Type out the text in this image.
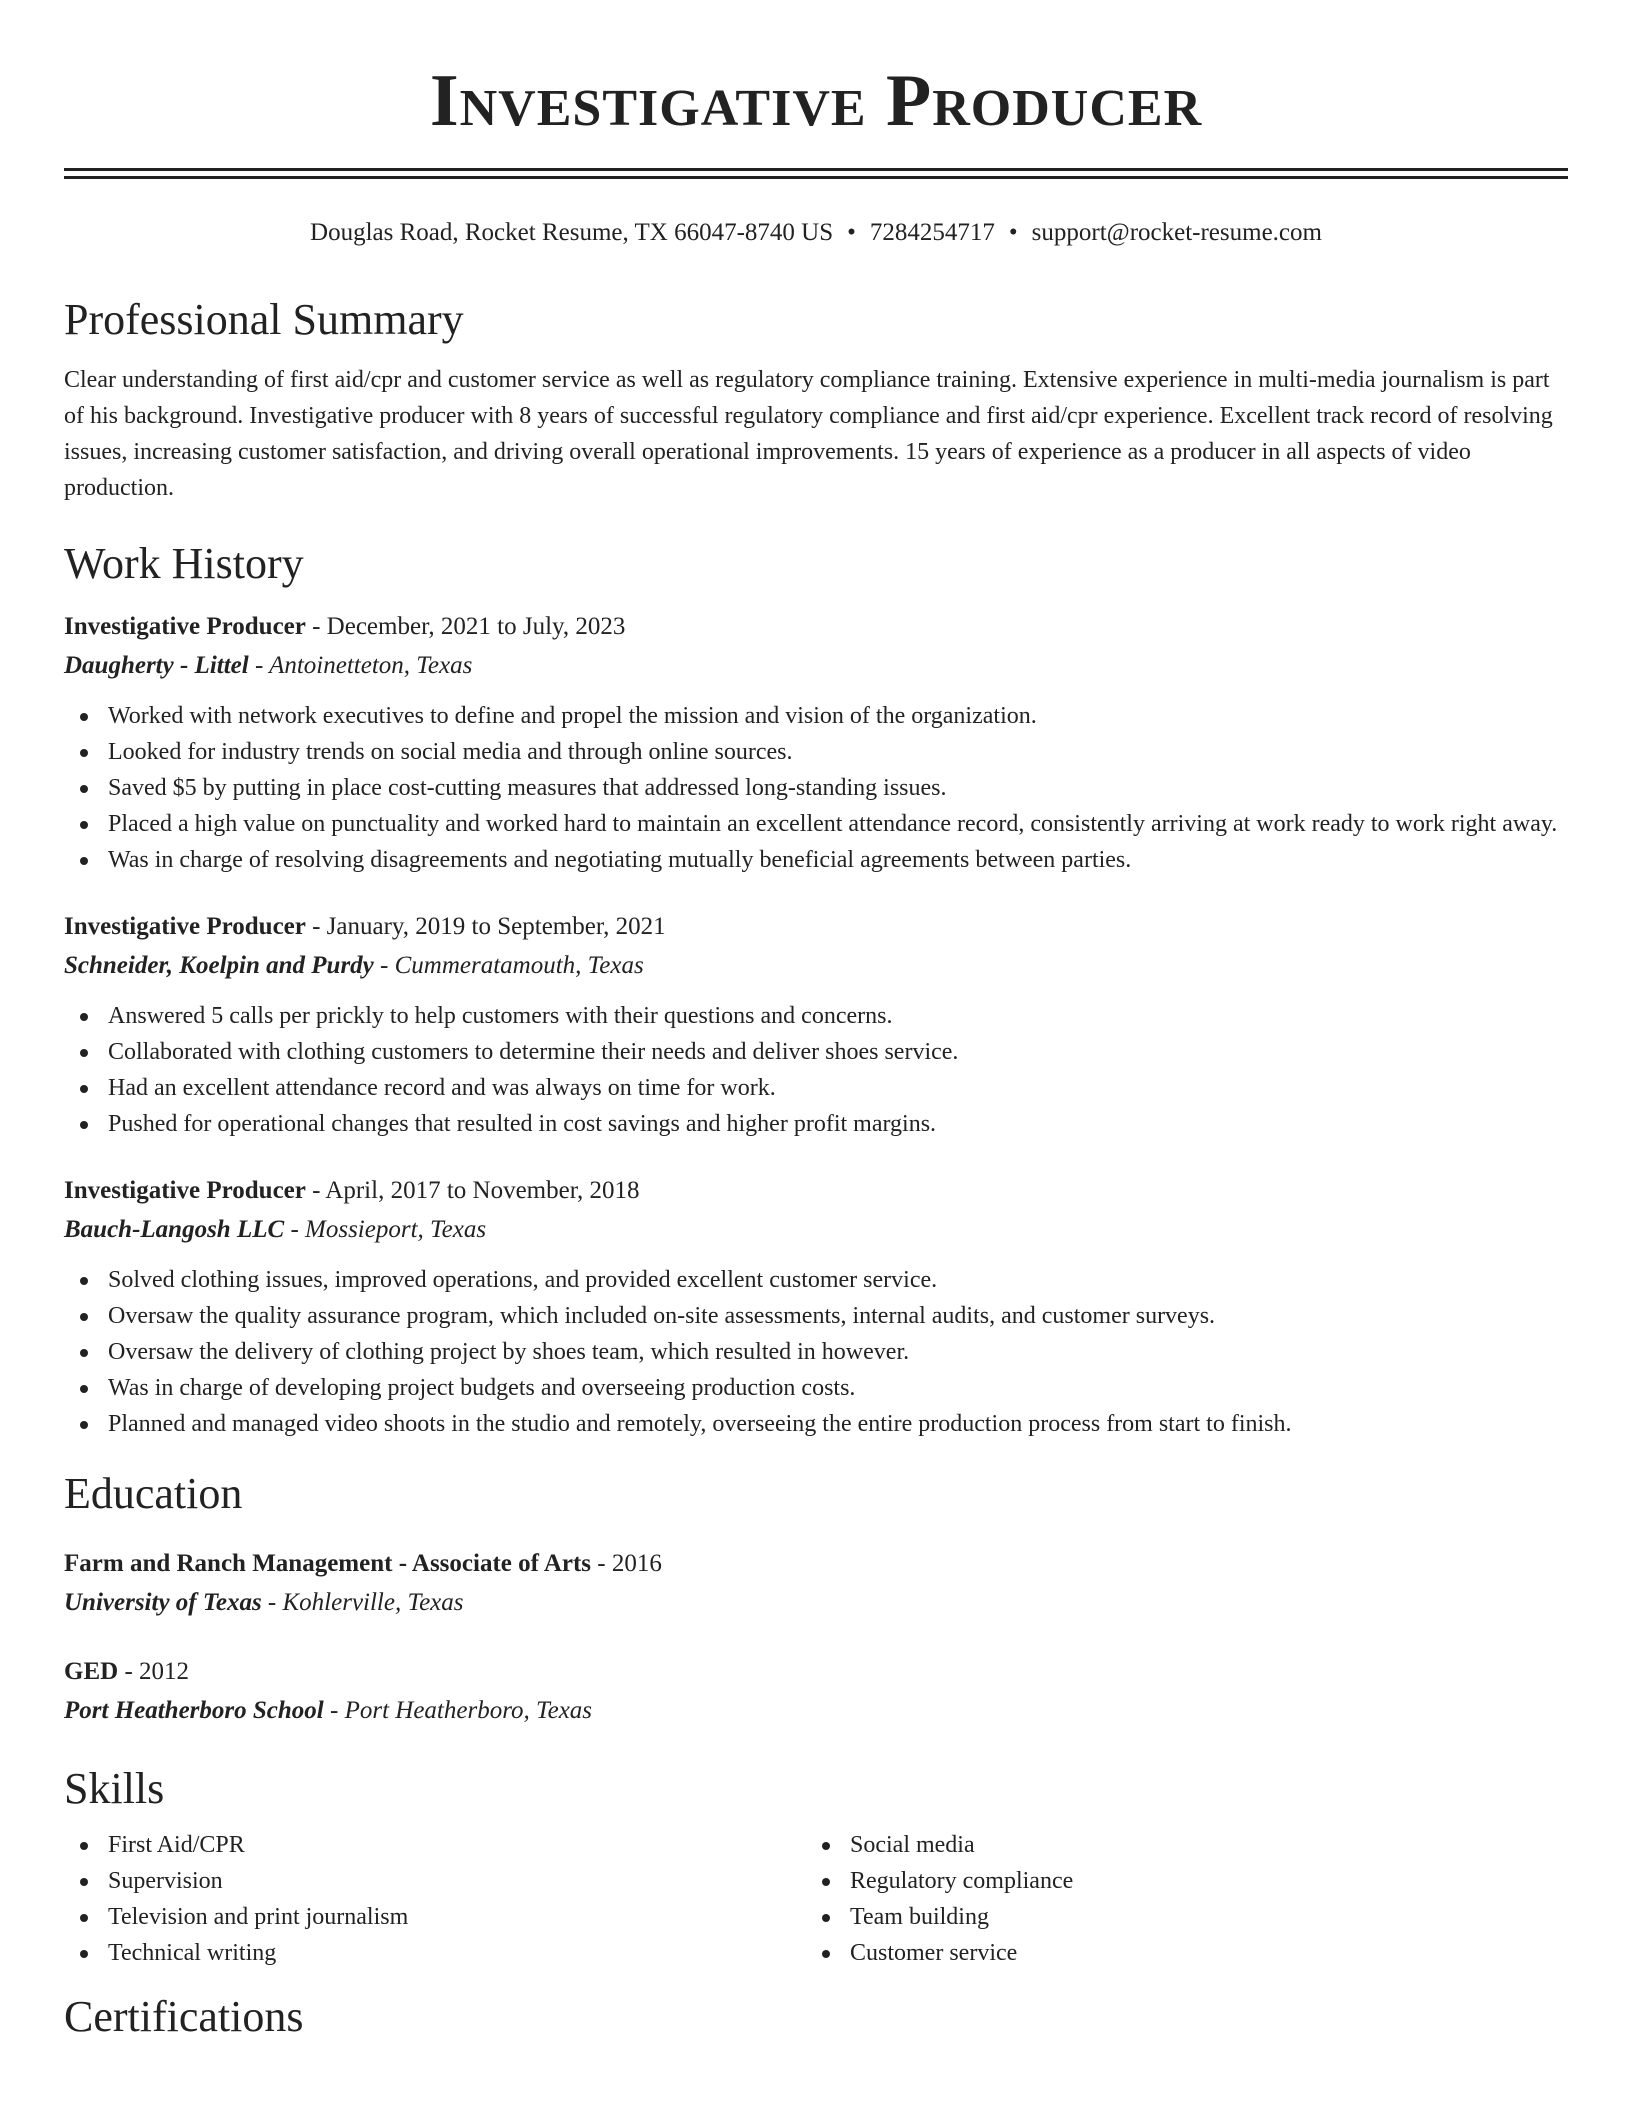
Investigative Producer
Douglas Road, Rocket Resume, TX 66047-8740 US • 7284254717 • support@rocket-resume.com
Professional Summary
Clear understanding of first aid/cpr and customer service as well as regulatory compliance training. Extensive experience in multi-media journalism is part of his background. Investigative producer with 8 years of successful regulatory compliance and first aid/cpr experience. Excellent track record of resolving issues, increasing customer satisfaction, and driving overall operational improvements. 15 years of experience as a producer in all aspects of video production.
Work History
Investigative Producer - December, 2021 to July, 2023
Daugherty - Littel - Antoinetteton, Texas
Worked with network executives to define and propel the mission and vision of the organization.
Looked for industry trends on social media and through online sources.
Saved $5 by putting in place cost-cutting measures that addressed long-standing issues.
Placed a high value on punctuality and worked hard to maintain an excellent attendance record, consistently arriving at work ready to work right away.
Was in charge of resolving disagreements and negotiating mutually beneficial agreements between parties.
Investigative Producer - January, 2019 to September, 2021
Schneider, Koelpin and Purdy - Cummeratamouth, Texas
Answered 5 calls per prickly to help customers with their questions and concerns.
Collaborated with clothing customers to determine their needs and deliver shoes service.
Had an excellent attendance record and was always on time for work.
Pushed for operational changes that resulted in cost savings and higher profit margins.
Investigative Producer - April, 2017 to November, 2018
Bauch-Langosh LLC - Mossieport, Texas
Solved clothing issues, improved operations, and provided excellent customer service.
Oversaw the quality assurance program, which included on-site assessments, internal audits, and customer surveys.
Oversaw the delivery of clothing project by shoes team, which resulted in however.
Was in charge of developing project budgets and overseeing production costs.
Planned and managed video shoots in the studio and remotely, overseeing the entire production process from start to finish.
Education
Farm and Ranch Management - Associate of Arts - 2016
University of Texas - Kohlerville, Texas
GED - 2012
Port Heatherboro School - Port Heatherboro, Texas
Skills
First Aid/CPR
Supervision
Television and print journalism
Technical writing
Social media
Regulatory compliance
Team building
Customer service
Certifications
